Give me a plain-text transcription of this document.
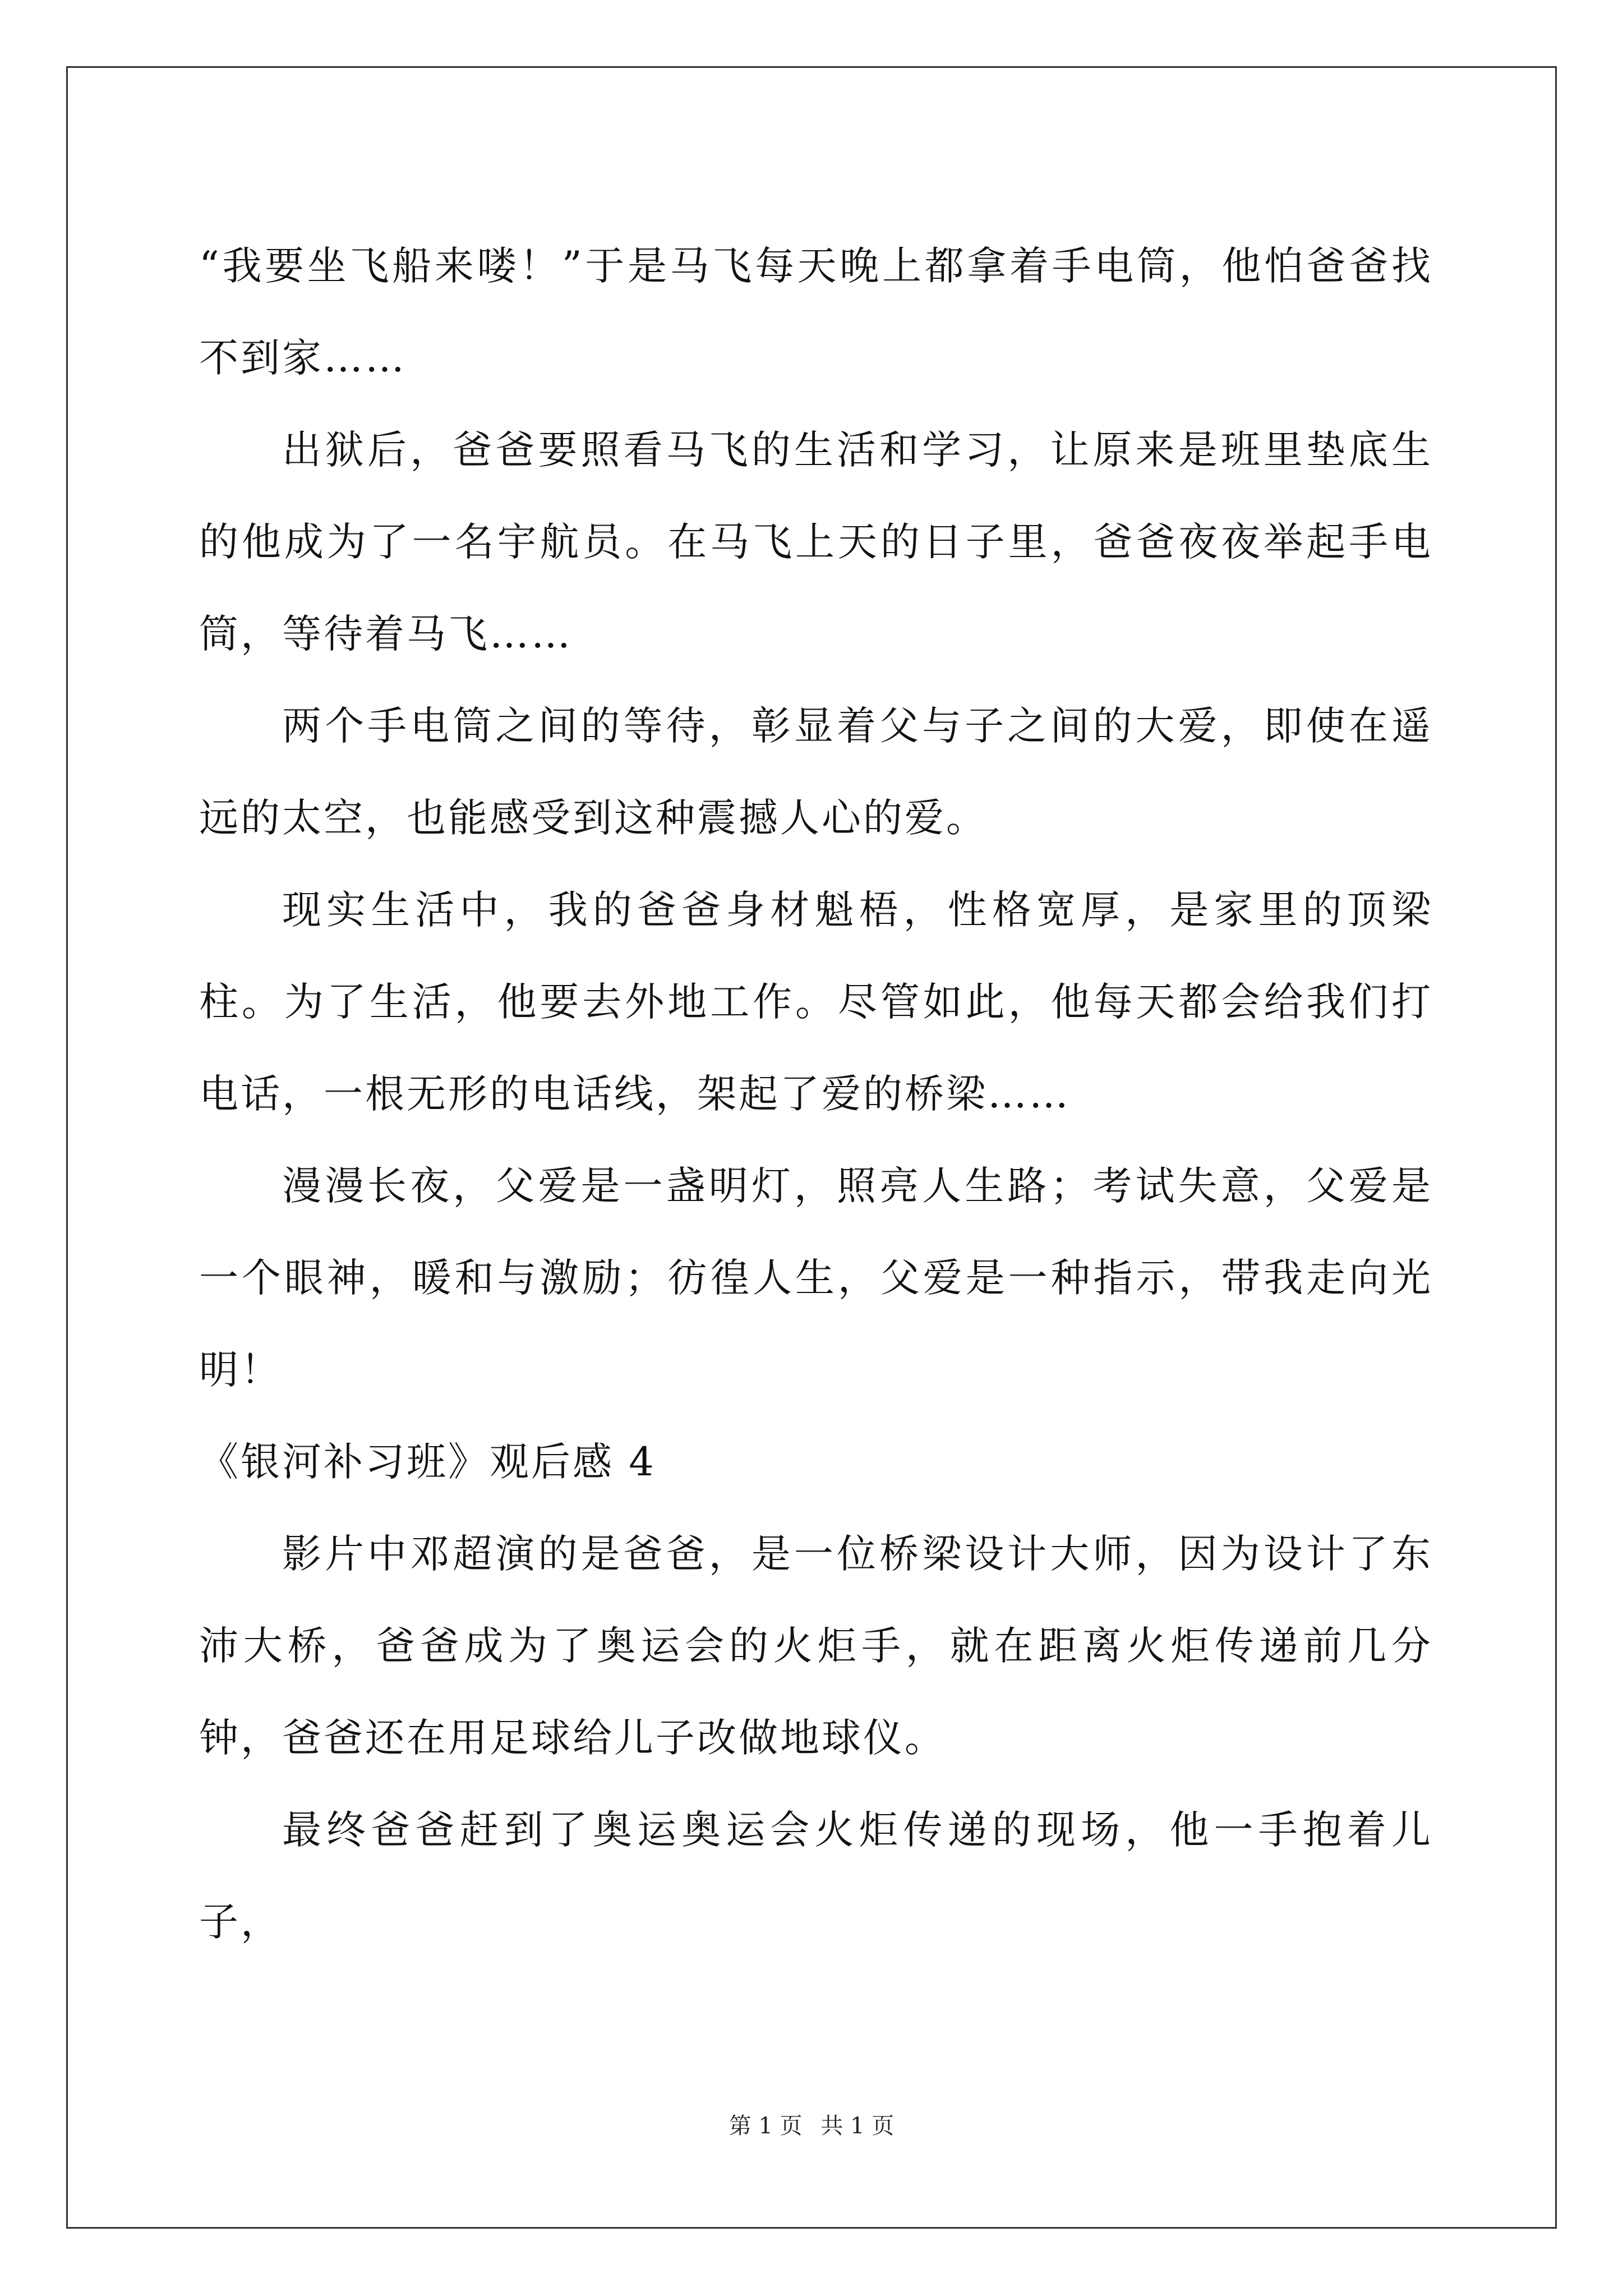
“我要坐飞船来喽！”于是马飞每天晚上都拿着手电筒，他怕爸爸找不到家……

出狱后，爸爸要照看马飞的生活和学习，让原来是班里垫底生的他成为了一名宇航员。在马飞上天的日子里，爸爸夜夜举起手电筒，等待着马飞……

两个手电筒之间的等待，彰显着父与子之间的大爱，即使在遥远的太空，也能感受到这种震撼人心的爱。

现实生活中，我的爸爸身材魁梧，性格宽厚，是家里的顶梁柱。为了生活，他要去外地工作。尽管如此，他每天都会给我们打电话，一根无形的电话线，架起了爱的桥梁……

漫漫长夜，父爱是一盏明灯，照亮人生路；考试失意，父爱是一个眼神，暖和与激励；彷徨人生，父爱是一种指示，带我走向光明！

《银河补习班》观后感 4

影片中邓超演的是爸爸，是一位桥梁设计大师，因为设计了东沛大桥，爸爸成为了奥运会的火炬手，就在距离火炬传递前几分钟，爸爸还在用足球给儿子改做地球仪。

最终爸爸赶到了奥运奥运会火炬传递的现场，他一手抱着儿子，

第 1 页 共 1 页
